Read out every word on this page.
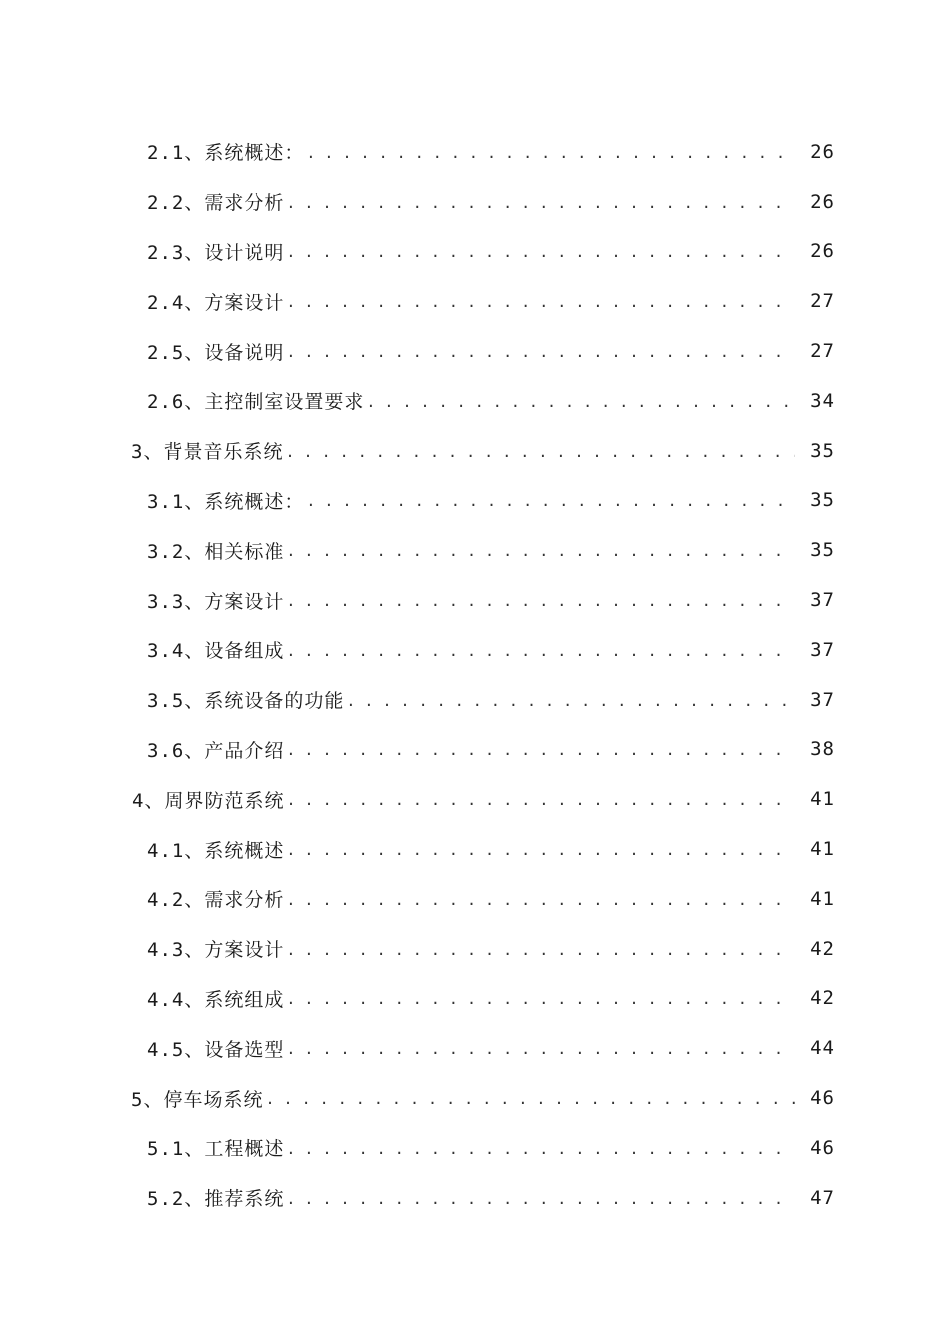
2.1、 系统概述： . . .	26
2.2、 需求分析 . . .	26
2.3、 设计说明 . . .	26
2.4、 方案设计 . . .	27
2.5、 设备说明 . . .	27
2.6、 主控制室设置要求 . . .	34
3、 背景音乐系统 . . .	35
3.1、 系统概述： . . .	35
3.2、 相关标准 . . .	35
3.3、 方案设计 . . .	37
3.4、 设备组成 . . .	37
3.5、 系统设备的功能 . . .	37
3.6、 产品介绍 . . .	38
4、 周界防范系统 . . .	41
4.1、 系统概述 . . .	41
4.2、 需求分析 . . .	41
4.3、 方案设计 . . .	42
4.4、 系统组成 . . .	42
4.5、 设备选型 . . .	44
5、 停车场系统 . . .	46
5.1、 工程概述 . . .	46
5.2、 推荐系统 . . .	47
